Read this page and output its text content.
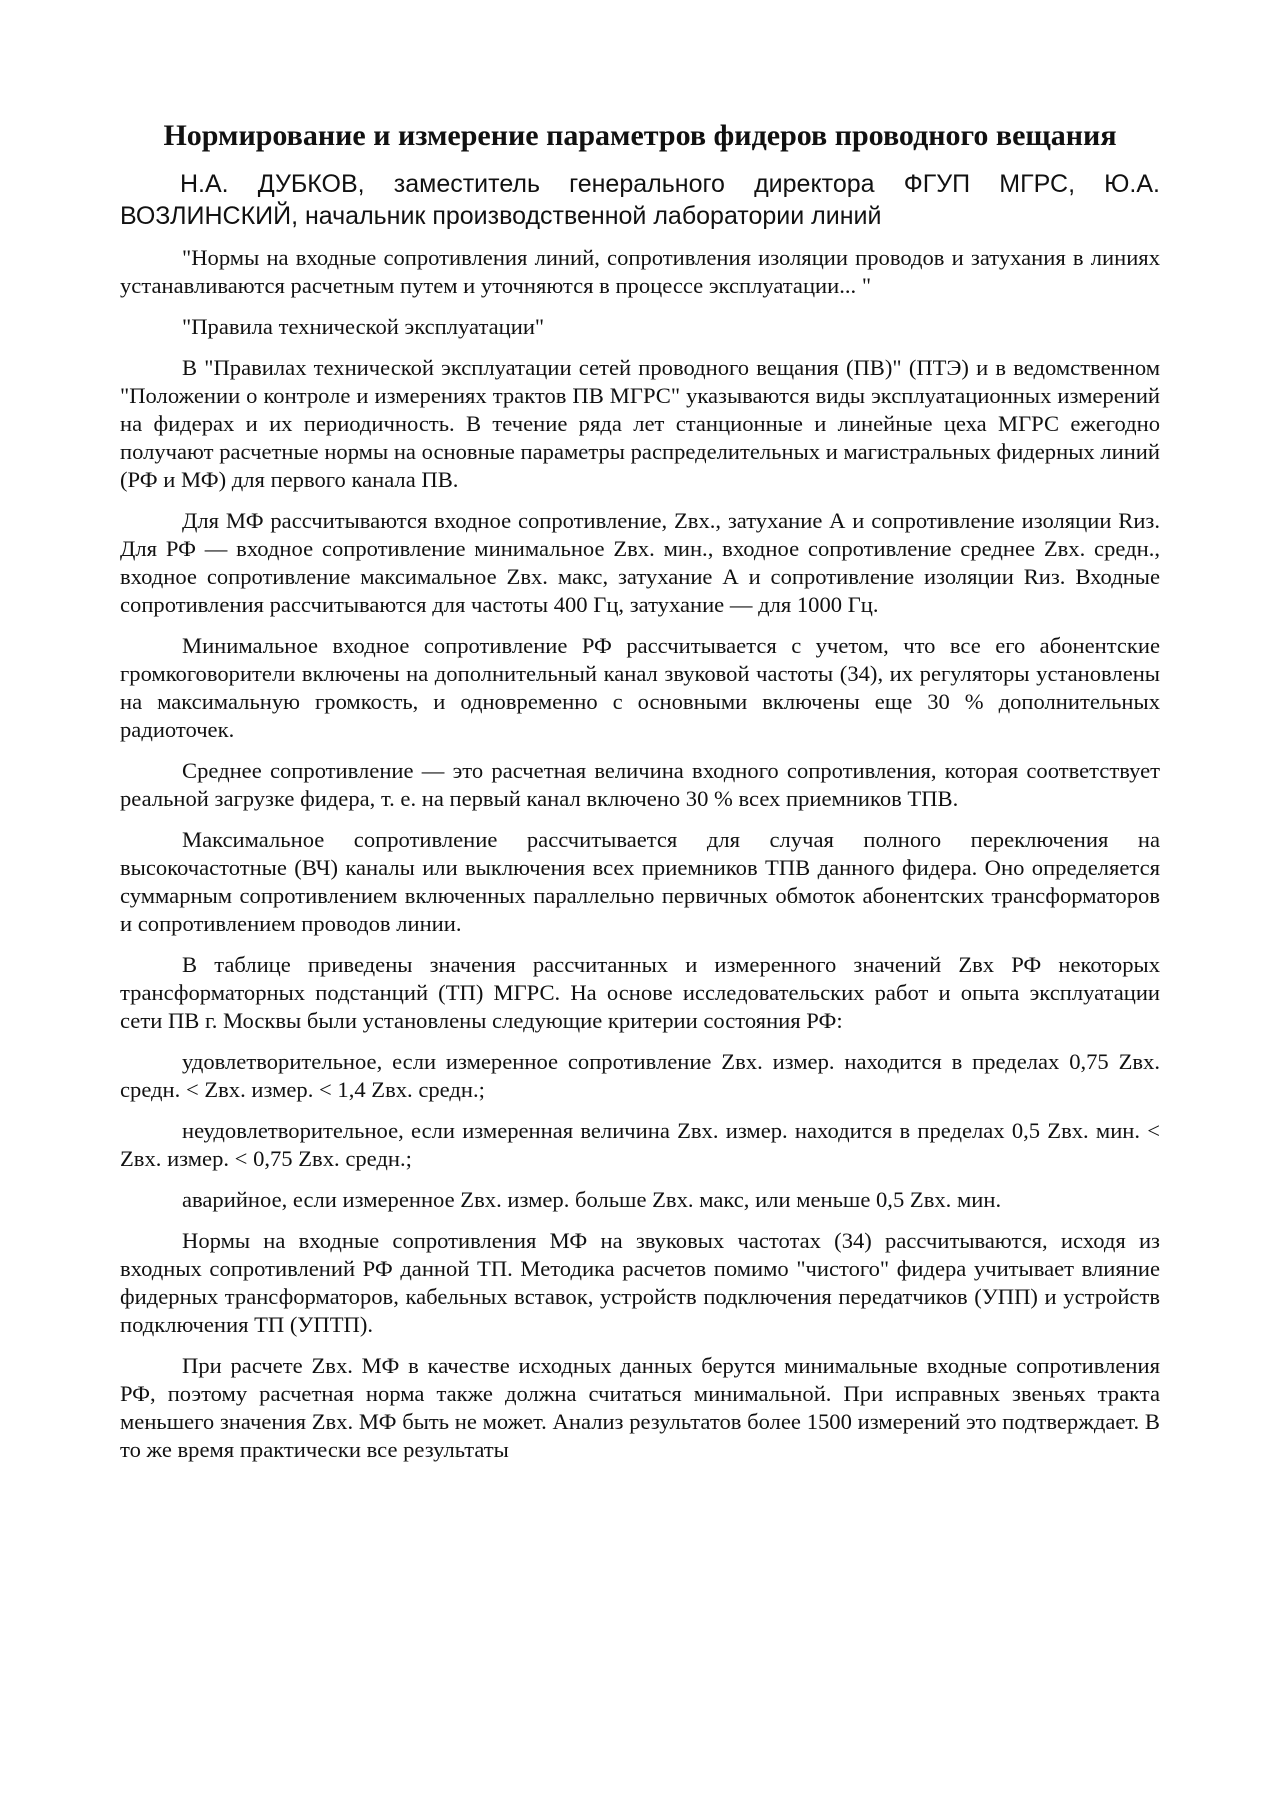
Нормирование и измерение параметров фидеров проводного вещания

Н.А. ДУБКОВ, заместитель генерального директора ФГУП МГРС, Ю.А. ВОЗЛИНСКИЙ, начальник производственной лаборатории линий

"Нормы на входные сопротивления линий, сопротивления изоляции проводов и затухания в линиях устанавливаются расчетным путем и уточняются в процессе эксплуатации... "

"Правила технической эксплуатации"

В "Правилах технической эксплуатации сетей проводного вещания (ПВ)" (ПТЭ) и в ведомственном "Положении о контроле и измерениях трактов ПВ МГРС" указываются виды эксплуатационных измерений на фидерах и их периодичность. В течение ряда лет станционные и линейные цеха МГРС ежегодно получают расчетные нормы на основные параметры распределительных и магистральных фидерных линий (РФ и МФ) для первого канала ПВ.

Для МФ рассчитываются входное сопротивление, Zвх., затухание А и сопротивление изоляции Rиз. Для РФ — входное сопротивление минимальное Zвх. мин., входное сопротивление среднее Zвх. средн., входное сопротивление максимальное Zвх. макс, затухание А и сопротивление изоляции Rиз. Входные сопротивления рассчитываются для частоты 400 Гц, затухание — для 1000 Гц.

Минимальное входное сопротивление РФ рассчитывается с учетом, что все его абонентские громкоговорители включены на дополнительный канал звуковой частоты (34), их регуляторы установлены на максимальную громкость, и одновременно с основными включены еще 30 % дополнительных радиоточек.

Среднее сопротивление — это расчетная величина входного сопротивления, которая соответствует реальной загрузке фидера, т. е. на первый канал включено 30 % всех приемников ТПВ.

Максимальное сопротивление рассчитывается для случая полного переключения на высокочастотные (ВЧ) каналы или выключения всех приемников ТПВ данного фидера. Оно определяется суммарным сопротивлением включенных параллельно первичных обмоток абонентских трансформаторов и сопротивлением проводов линии.

В таблице приведены значения рассчитанных и измеренного значений Zвх РФ некоторых трансформаторных подстанций (ТП) МГРС. На основе исследовательских работ и опыта эксплуатации сети ПВ г. Москвы были установлены следующие критерии состояния РФ:

удовлетворительное, если измеренное сопротивление Zвх. измер. находится в пределах 0,75 Zвх. средн. < Zвх. измер. < 1,4 Zвх. средн.;

неудовлетворительное, если измеренная величина Zвх. измер. находится в пределах 0,5 Zвх. мин. < Zвх. измер. < 0,75 Zвх. средн.;

аварийное, если измеренное Zвх. измер. больше Zвх. макс, или меньше 0,5 Zвх. мин.

Нормы на входные сопротивления МФ на звуковых частотах (34) рассчитываются, исходя из входных сопротивлений РФ данной ТП. Методика расчетов помимо "чистого" фидера учитывает влияние фидерных трансформаторов, кабельных вставок, устройств подключения передатчиков (УПП) и устройств подключения ТП (УПТП).

При расчете Zвх. МФ в качестве исходных данных берутся минимальные входные сопротивления РФ, поэтому расчетная норма также должна считаться минимальной. При исправных звеньях тракта меньшего значения Zвх. МФ быть не может. Анализ результатов более 1500 измерений это подтверждает. В то же время практически все результаты
